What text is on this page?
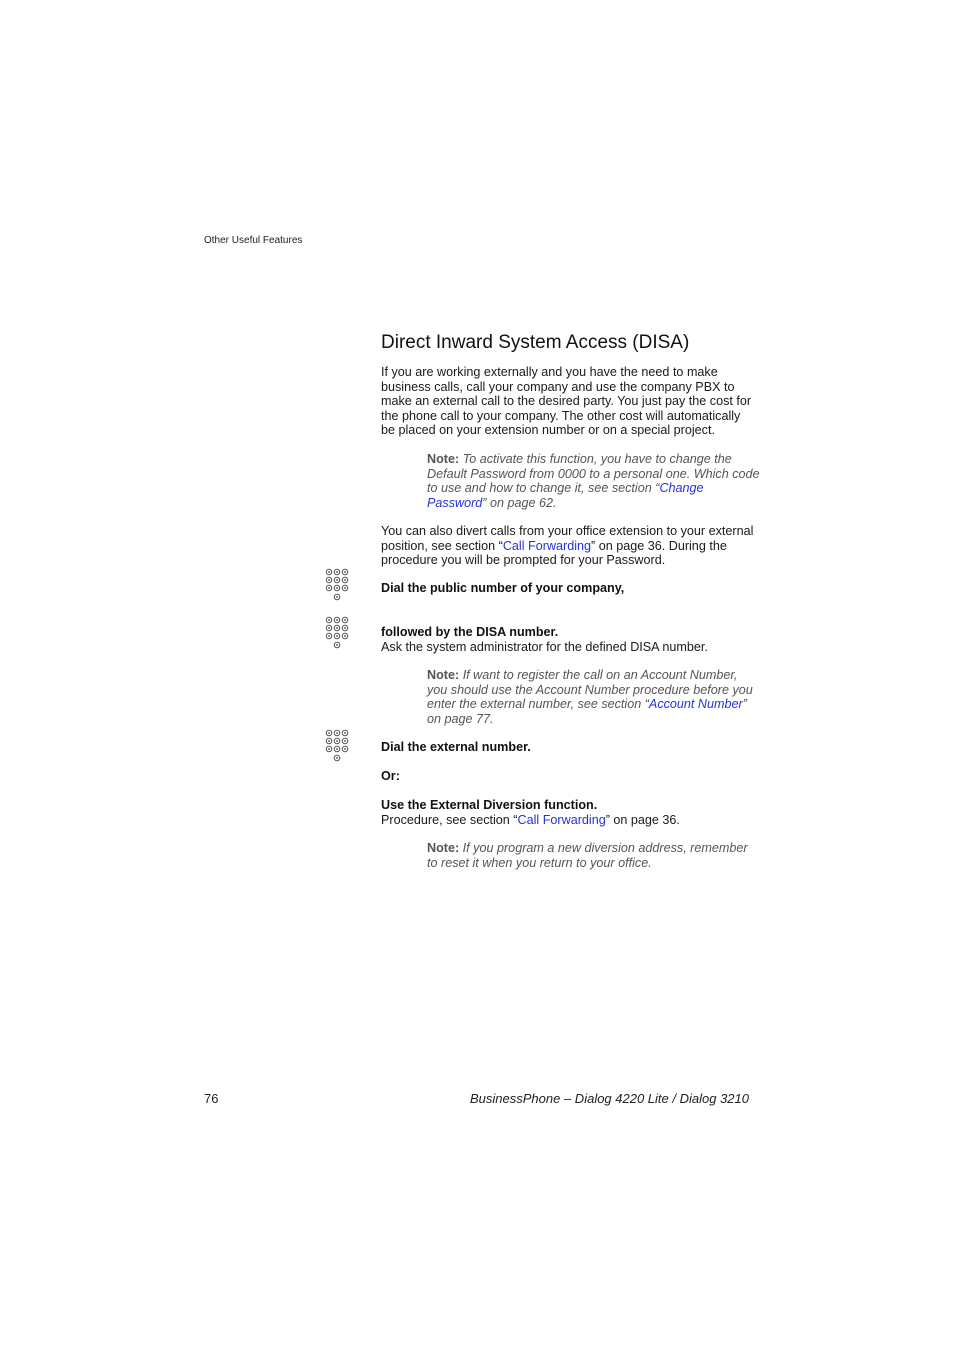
Other Useful Features
Direct Inward System Access (DISA)
If you are working externally and you have the need to make
business calls, call your company and use the company PBX to
make an external call to the desired party. You just pay the cost for
the phone call to your company. The other cost will automatically
be placed on your extension number or on a special project.
Note: To activate this function, you have to change the
Default Password from 0000 to a personal one. Which code
to use and how to change it, see section “Change
Password” on page 62.
You can also divert calls from your office extension to your external
position, see section “Call Forwarding” on page 36. During the
procedure you will be prompted for your Password.
Dial the public number of your company,
followed by the DISA number.
Ask the system administrator for the defined DISA number.
Note: If want to register the call on an Account Number,
you should use the Account Number procedure before you
enter the external number, see section “Account Number”
on page 77.
Dial the external number.
Or:
Use the External Diversion function.
Procedure, see section “Call Forwarding” on page 36.
Note: If you program a new diversion address, remember
to reset it when you return to your office.
76	BusinessPhone – Dialog 4220 Lite / Dialog 3210
